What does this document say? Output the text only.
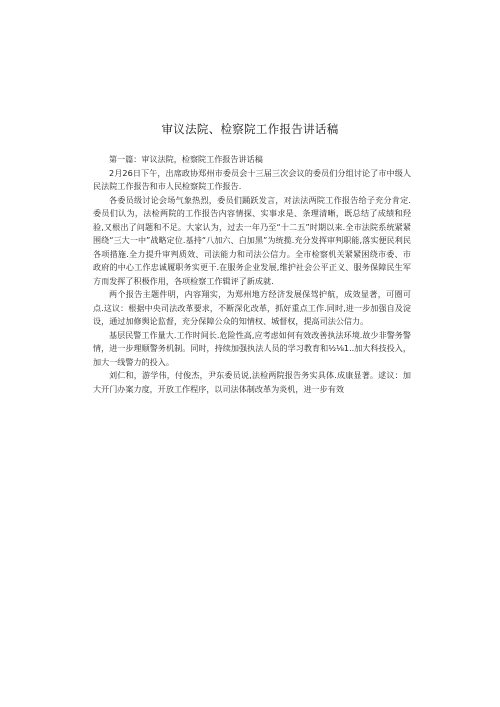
审议法院、检察院工作报告讲话稿

第一篇：审议法院，检察院工作报告讲话稿

2月26日下午，出席政协郑州市委员会十三届三次会议的委员们分组讨论了市中级人民法院工作报告和市人民检察院工作报告.

各委员级讨论会场气象热烈，委员们踊跃发言，对法法两院工作报告给子充分肯定.委员们认为，法检两院的工作报告内容情探、实事求是、条理清晰，既总结了成绩和羟验,又根出了问题和不足。大家认为，过去一年乃至“十二五”时期以来.全市法院系统紧紧围绕“三大一中”战略定位.基持“八加六、白加黑”为统揽.充分发挥审判职能,落实便民利民各项措施.全力提升审判质效、司法能力和司法公信力。全市检察机关紧紧困绕市委、市政府的中心工作忠诚履职务实更干.在服务企业发展,维护社会公平正义、服务保障民生军方而发挥了积极作用，各项检察工作辑评了新成就.

两个报告主题件明，内容翔实，为郑州地方经济发展保驾护航，成效显著，可圈可点.这议：根据中央司法改革要求，不断深化改革，抓好重点工作.同时,进一步加强自及淀设，通过加修舆论监督，充分保障公众的知情权、城督权，提高司法公信力。

基层民警工作量大.工作时间长.危险性高,应考虑如何有效改善执法环境.故少非警务警情，进一步理顺警务机制。同时，持续加强执法人员的学习教育和½⅛1..加大科技投入，加大一线警力的投入。

刘仁和，游学伟，付俊杰，尹东委员说,法检两院报告务实具体.成康显著。逑议：加大开门办案力度，开放工作程序，以司法体制改革为炎机，进一步有效
